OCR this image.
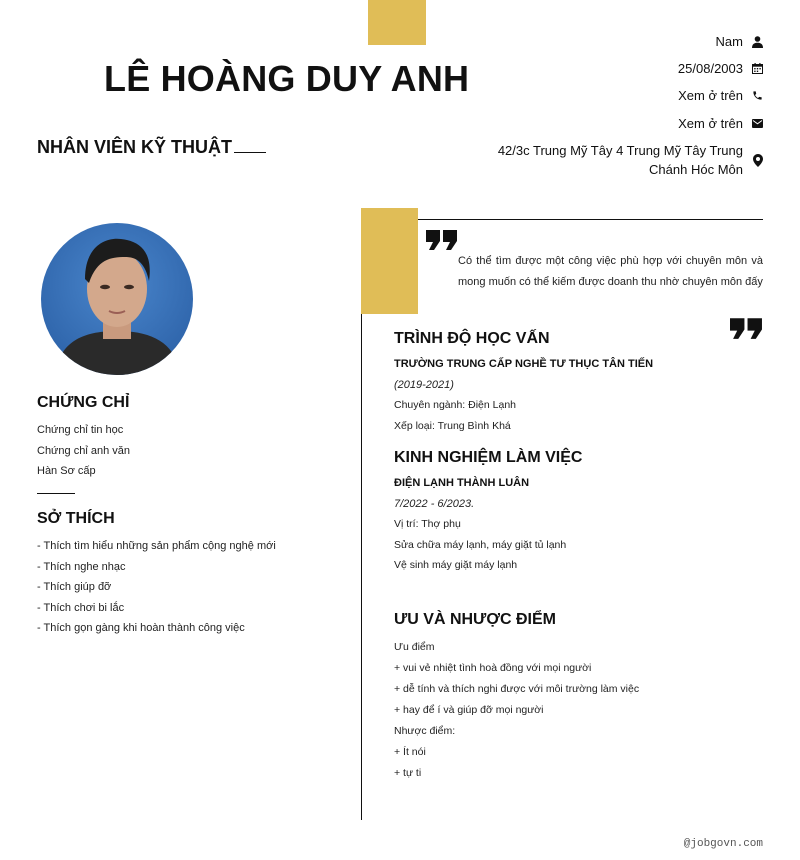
LÊ HOÀNG DUY ANH
NHÂN VIÊN KỸ THUẬT
Nam
25/08/2003
Xem ở trên
Xem ở trên
42/3c Trung Mỹ Tây 4 Trung Mỹ Tây Trung
Chánh Hóc Môn
CHỨNG CHỈ
Chứng chỉ tin học
Chứng chỉ anh văn
Hàn Sơ cấp
SỞ THÍCH
- Thích tìm hiểu những sản phẩm cộng nghệ mới
- Thích nghe nhạc
- Thích giúp đỡ
- Thích chơi bi lắc
- Thích gọn gàng khi hoàn thành công việc
Có thể tìm được một công việc phù hợp với chuyên môn và mong muốn có thể kiếm được doanh thu nhờ chuyên môn đấy
TRÌNH ĐỘ HỌC VẤN
TRƯỜNG TRUNG CẤP NGHỀ TƯ THỤC TÂN TIẾN
(2019-2021)
Chuyên ngành: Điện Lạnh
Xếp loại: Trung Bình Khá
KINH NGHIỆM LÀM VIỆC
ĐIỆN LẠNH THÀNH LUÂN
7/2022 - 6/2023.
Vị trí: Thợ phụ
Sửa chữa máy lạnh, máy giặt tủ lạnh
Vệ sinh máy giặt máy lạnh
ƯU VÀ NHƯỢC ĐIỂM
Ưu điểm
+ vui vẻ nhiệt tình hoà đồng với mọi người
+ dễ tính và thích nghi được với môi trường làm việc
+ hay để í và giúp đỡ mọi người
Nhược điểm:
+ Ít nói
+ tự ti
@jobgovn.com
